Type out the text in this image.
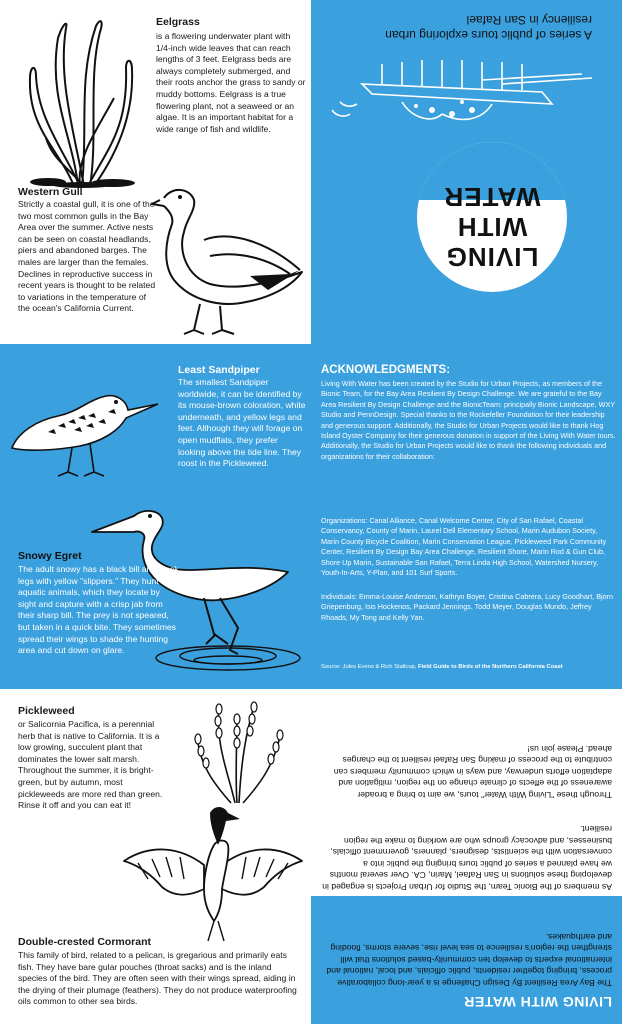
Eelgrass
is a flowering underwater plant with 1/4-inch wide leaves that can reach lengths of 3 feet. Eelgrass beds are always completely submerged, and their roots anchor the grass to sandy or muddy bottoms. Eelgrass is a true flowering plant, not a seaweed or an algae. It is an important habitat for a wide range of fish and wildlife.
Western Gull
Strictly a coastal gull, it is one of the two most common gulls in the Bay Area over the summer. Active nests can be seen on coastal headlands, piers and abandoned barges. The males are larger than the females. Declines in reproductive success in recent years is thought to be related to variations in the temperature of the ocean's California Current.
LIVING
WITH
WATER
A series of public tours exploring urban resiliency in San Rafael
Least Sandpiper
The smallest Sandpiper worldwide, it can be identified by its mouse-brown coloration, white underneath, and yellow legs and feet. Although they will forage on open mudflats, they prefer looking above the tide line. They roost in the Pickleweed.
Snowy Egret
The adult snowy has a black bill and black legs with yellow "slippers." They hunt aquatic animals, which they locate by sight and capture with a crisp jab from their sharp bill. The prey is not speared, but taken in a quick bite. They sometimes spread their wings to shade the hunting area and cut down on glare.
ACKNOWLEDGMENTS:
Living With Water has been created by the Studio for Urban Projects, as members of the Bionic Team, for the Bay Area Resilient By Design Challenge. We are grateful to the Bay Area Resilient By Design Challenge and the BionicTeam: principally Bionic Landscape, WXY Studio and PennDesign. Special thanks to the Rockefeller Foundation for their leadership and generous support. Additionally, the Studio for Urban Projects would like to thank Hog Island Oyster Company for their generous donation in support of the Living With Water tours. Additionally, the Studio for Urban Projects would like to thank the following individuals and organizations for their collaboration:
Organizations: Canal Alliance, Canal Welcome Center, City of San Rafael, Coastal Conservancy, County of Marin, Laurel Dell Elementary School, Marin Audubon Society, Marin County Bicycle Coalition, Marin Conservation League, Pickleweed Park Community Center, Resilient By Design Bay Area Challenge, Resilient Shore, Marin Rod & Gun Club, Shore Up Marin, Sustainable San Rafael, Terra Linda High School, Watershed Nursery, Youth-In-Arts, Y-Plan, and 101 Surf Sports.
Individuals: Emma-Louise Anderson, Kathryn Boyer, Cristina Cabrera, Lucy Goodhart, Bjorn Griepenburg, Isis Hockenos, Packard Jennings, Todd Meyer, Douglas Mundo, Jeffrey Rhoads, My Tong and Kelly Yan.
Source: Jules Evens & Rich Stallcup, Field Guide to Birds of the Northern California Coast
Pickleweed
or Salicornia Pacifica, is a perennial herb that is native to California. It is a low growing, succulent plant that dominates the lower salt marsh. Throughout the summer, it is bright-green, but by autumn, most pickleweeds are more red than green. Rinse it off and you can eat it!
Double-crested Cormorant
This family of bird, related to a pelican, is gregarious and primarily eats fish. They have bare gular pouches (throat sacks) and is the inland species of the bird. They are often seen with their wings spread, aiding in the drying of their plumage (feathers). They do not produce waterproofing oils common to other sea birds.	LIVING WITH WATER
The Bay Area Resilient By Design Challenge is a year-long collaborative process, bringing together residents, public officials, and local, national and international experts to develop ten community-based solutions that will strengthen the region's resilience to sea level rise, severe storms, flooding and earthquakes.
As members of the Bionic Team, the Studio for Urban Projects is engaged in developing these solutions in San Rafael, Marin, CA. Over several months we have planned a series of public tours bringing the public into a conversation with the scientists, designers, planners, government officials, businesses, and advocacy groups who are working to make the region resilient.
Through these "Living With Water" tours, we aim to bring a broader awareness of the effects of climate change on the region, mitigation and adaptation efforts underway, and ways in which community members can contribute to the process of making San Rafael resilient to the changes ahead. Please join us!
